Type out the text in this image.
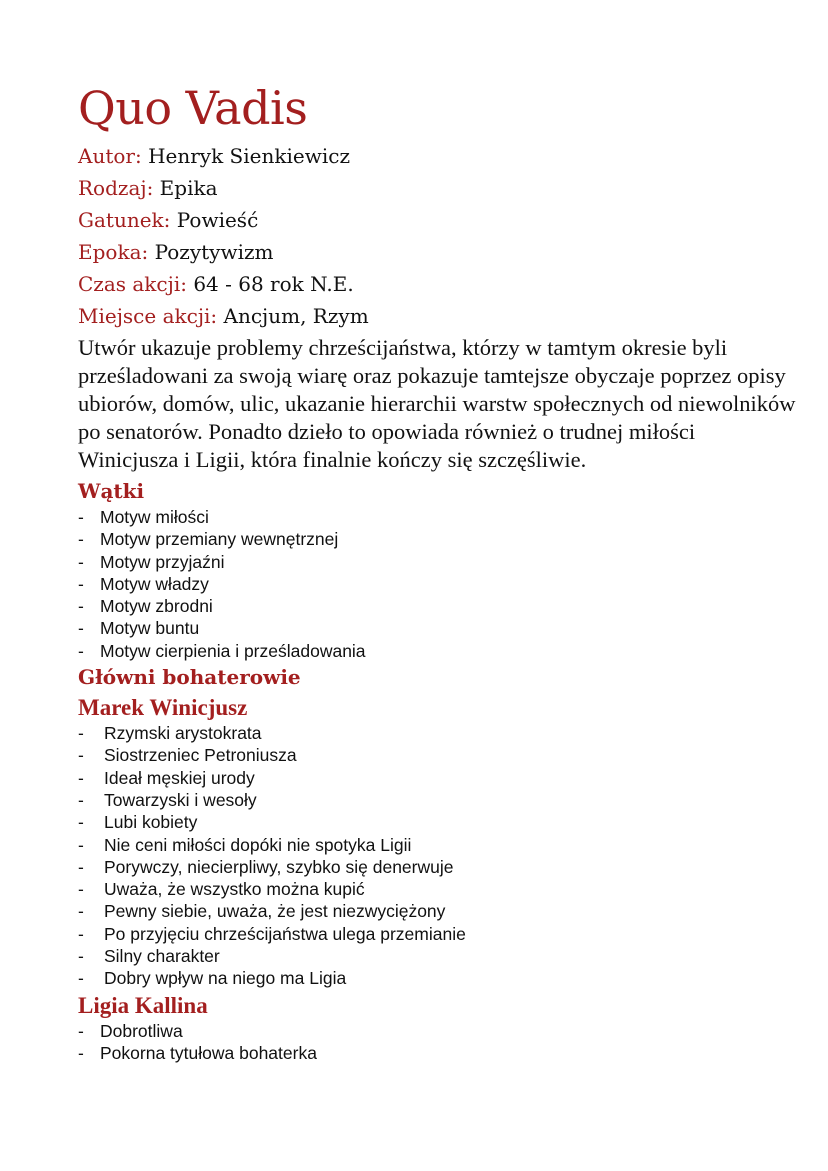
Quo Vadis
Autor: Henryk Sienkiewicz
Rodzaj: Epika
Gatunek: Powieść
Epoka: Pozytywizm
Czas akcji: 64 - 68 rok N.E.
Miejsce akcji: Ancjum, Rzym

Utwór ukazuje problemy chrześcijaństwa, którzy w tamtym okresie byli prześladowani za swoją wiarę oraz pokazuje tamtejsze obyczaje poprzez opisy ubiorów, domów, ulic, ukazanie hierarchii warstw społecznych od niewolników po senatorów. Ponadto dzieło to opowiada również o trudnej miłości Winicjusza i Ligii, która finalnie kończy się szczęśliwie.

Wątki
- Motyw miłości
- Motyw przemiany wewnętrznej
- Motyw przyjaźni
- Motyw władzy
- Motyw zbrodni
- Motyw buntu
- Motyw cierpienia i prześladowania
Główni bohaterowie
Marek Winicjusz
- Rzymski arystokrata
- Siostrzeniec Petroniusza
- Ideał męskiej urody
- Towarzyski i wesoły
- Lubi kobiety
- Nie ceni miłości dopóki nie spotyka Ligii
- Porywczy, niecierpliwy, szybko się denerwuje
- Uważa, że wszystko można kupić
- Pewny siebie, uważa, że jest niezwyciężony
- Po przyjęciu chrześcijaństwa ulega przemianie
- Silny charakter
- Dobry wpływ na niego ma Ligia
Ligia Kallina
- Dobrotliwa
- Pokorna tytułowa bohaterka
